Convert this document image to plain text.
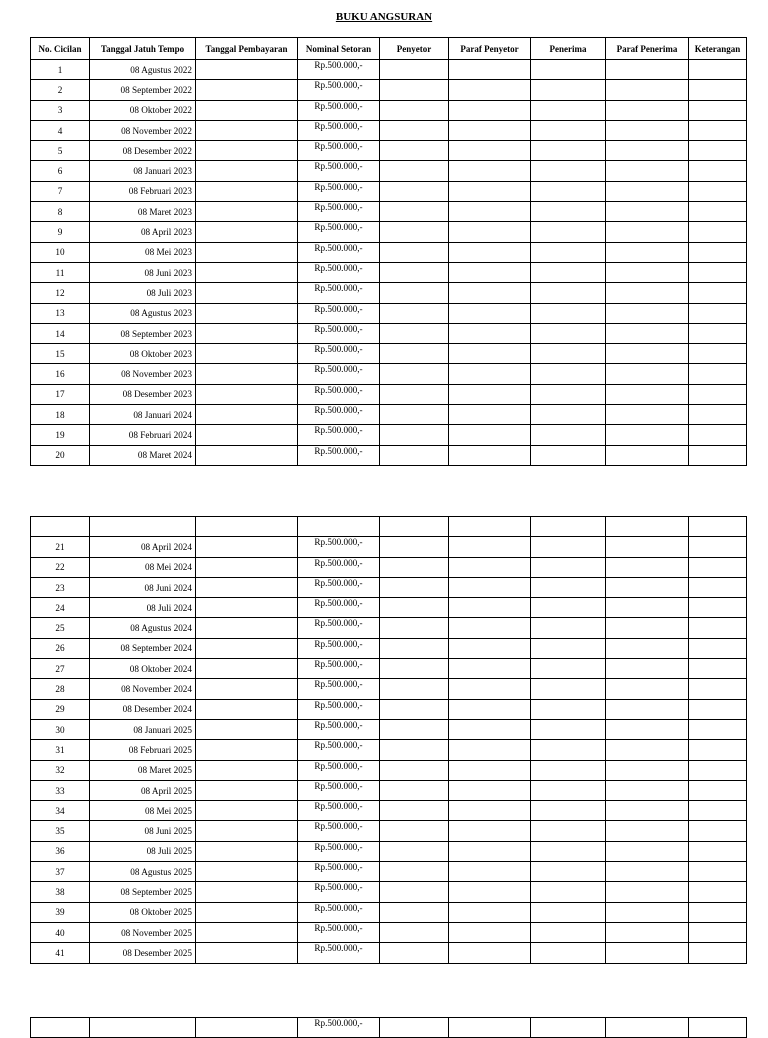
BUKU ANGSURAN
No. Cicilan	Tanggal Jatuh Tempo	Tanggal Pembayaran	Nominal Setoran	Penyetor	Paraf Penyetor	Penerima	Paraf Penerima	Keterangan
1	08 Agustus 2022		Rp.500.000,-					
2	08 September 2022		Rp.500.000,-					
3	08 Oktober 2022		Rp.500.000,-					
4	08 November 2022		Rp.500.000,-					
5	08 Desember 2022		Rp.500.000,-					
6	08 Januari 2023		Rp.500.000,-					
7	08 Februari 2023		Rp.500.000,-					
8	08 Maret 2023		Rp.500.000,-					
9	08 April 2023		Rp.500.000,-					
10	08 Mei 2023		Rp.500.000,-					
11	08 Juni 2023		Rp.500.000,-					
12	08 Juli 2023		Rp.500.000,-					
13	08 Agustus 2023		Rp.500.000,-					
14	08 September 2023		Rp.500.000,-					
15	08 Oktober 2023		Rp.500.000,-					
16	08 November 2023		Rp.500.000,-					
17	08 Desember 2023		Rp.500.000,-					
18	08 Januari 2024		Rp.500.000,-					
19	08 Februari 2024		Rp.500.000,-					
20	08 Maret 2024		Rp.500.000,-					

21	08 April 2024		Rp.500.000,-					
22	08 Mei 2024		Rp.500.000,-					
23	08 Juni 2024		Rp.500.000,-					
24	08 Juli 2024		Rp.500.000,-					
25	08 Agustus 2024		Rp.500.000,-					
26	08 September 2024		Rp.500.000,-					
27	08 Oktober 2024		Rp.500.000,-					
28	08 November 2024		Rp.500.000,-					
29	08 Desember 2024		Rp.500.000,-					
30	08 Januari 2025		Rp.500.000,-					
31	08 Februari 2025		Rp.500.000,-					
32	08 Maret 2025		Rp.500.000,-					
33	08 April 2025		Rp.500.000,-					
34	08 Mei 2025		Rp.500.000,-					
35	08 Juni 2025		Rp.500.000,-					
36	08 Juli 2025		Rp.500.000,-					
37	08 Agustus 2025		Rp.500.000,-					
38	08 September 2025		Rp.500.000,-					
39	08 Oktober 2025		Rp.500.000,-					
40	08 November 2025		Rp.500.000,-					
41	08 Desember 2025		Rp.500.000,-					
			Rp.500.000,-					
